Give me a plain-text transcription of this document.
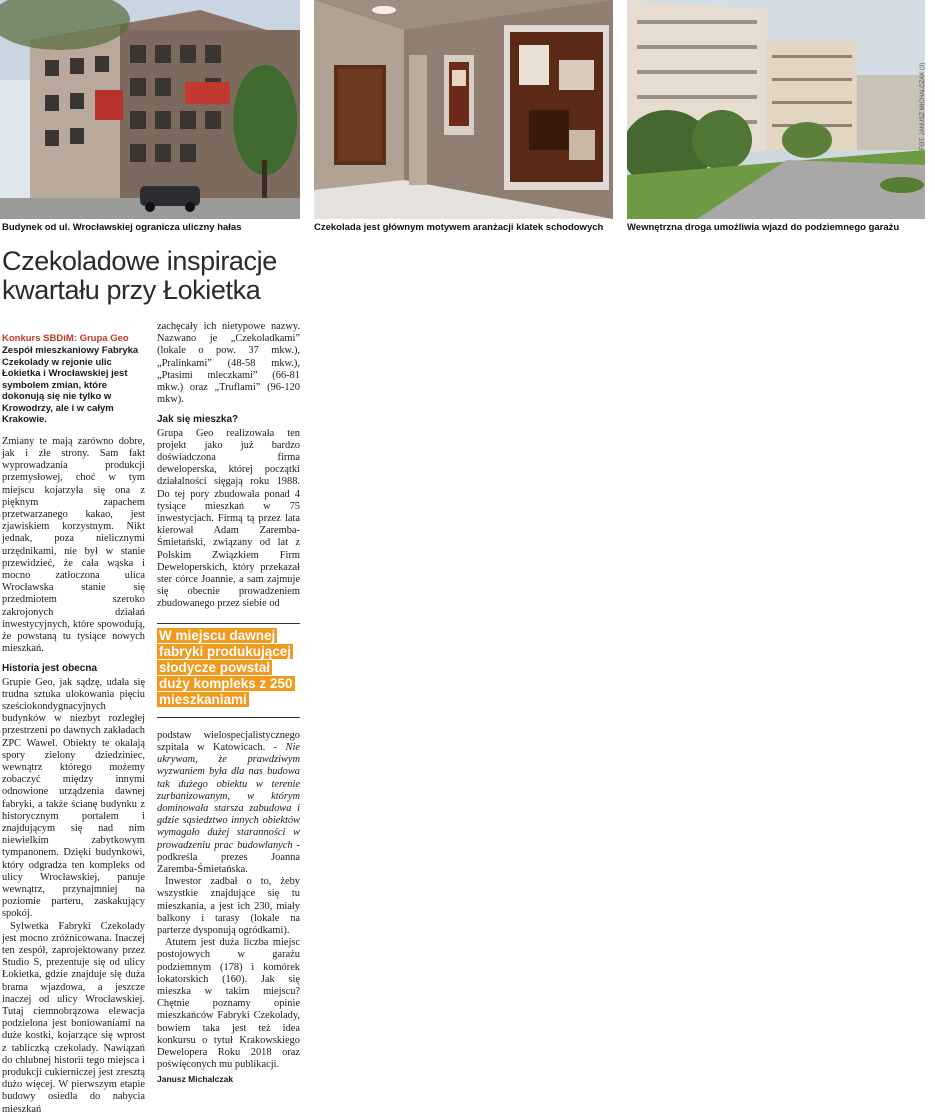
FOT. JANUSZ MICHALCZAK (3)
Budynek od ul. Wrocławskiej ogranicza uliczny hałas	Czekolada jest głównym motywem aranżacji klatek schodowych Wewnętrzna droga umożliwia wjazd do podziemnego garażu
Czekoladowe inspiracje kwartału przy Łokietka
Konkurs SBDiM: Grupa Geo
Zespół mieszkaniowy Fabryka Czekolady w rejonie ulic Łokietka i Wrocławskiej jest symbolem zmian, które dokonują się nie tylko w Krowodrzy, ale i w całym Krakowie.

Zmiany te mają zarówno dobre, jak i złe strony. Sam fakt wyprowadzania produkcji przemysłowej, choć w tym miejscu kojarzyła się ona z pięknym zapachem przetwarzanego kakao, jest zjawiskiem korzystnym. Nikt jednak, poza nielicznymi urzędnikami, nie był w stanie przewidzieć, że cała wąska i mocno zatłoczona ulica Wrocławska stanie się przedmiotem szeroko zakrojonych działań inwestycyjnych, które spowodują, że powstaną tu tysiące nowych mieszkań.

Historia jest obecna

Grupie Geo, jak sądzę, udała się trudna sztuka ulokowania pięciu sześciokondygnacyjnych budynków w niezbyt rozległej przestrzeni po dawnych zakładach ZPC Wawel. Obiekty te okalają spory zielony dziedziniec, wewnątrz którego możemy zobaczyć między innymi odnowione urządzenia dawnej fabryki, a także ścianę budynku z historycznym portalem i znajdującym się nad nim niewielkim zabytkowym tympanonem. Dzięki budynkowi, który odgradza ten kompleks od ulicy Wrocławskiej, panuje wewnątrz, przynajmniej na poziomie parteru, zaskakujący spokój.

Sylwetka Fabryki Czekolady jest mocno zróżnicowana. Inaczej ten zespół, zaprojektowany przez Studio S, prezentuje się od ulicy Łokietka, gdzie znajduje się duża brama wjazdowa, a jeszcze inaczej od ulicy Wrocławskiej. Tutaj ciemnobrązowa elewacja podzielona jest boniowaniami na duże kostki, kojarzące się wprost z tabliczką czekolady. Nawiązań do chlubnej historii tego miejsca i produkcji cukierniczej jest zresztą dużo więcej. W pierwszym etapie budowy osiedla do nabycia mieszkań

zachęcały ich nietypowe nazwy. Nazwano je „Czekoladkami” (lokale o pow. 37 mkw.), „Pralinkami” (48-58 mkw.), „Ptasimi mleczkami” (66-81 mkw.) oraz „Truflami” (96-120 mkw).

Jak się mieszka?

Grupa Geo realizowała ten projekt jako już bardzo doświadczona firma deweloperska, której początki działalności sięgają roku 1988. Do tej pory zbudowała ponad 4 tysiące mieszkań w 75 inwestycjach. Firmą tą przez lata kierował Adam Zaremba-Śmietański, związany od lat z Polskim Związkiem Firm Deweloperskich, który przekazał ster córce Joannie, a sam zajmuje się obecnie prowadzeniem zbudowanego przez siebie od

W miejscu dawnej fabryki produkującej słodycze powstał duży kompleks z 250 mieszkaniami

podstaw wielospecjalistycznego szpitala w Katowicach. - Nie ukrywam, że prawdziwym wyzwaniem była dla nas budowa tak dużego obiektu w terenie zurbanizowanym, w którym dominowała starsza zabudowa i gdzie sąsiedztwo innych obiektów wymagało dużej staranności w prowadzeniu prac budowlanych - podkreśla prezes Joanna Zaremba-Śmietańska.

Inwestor zadbał o to, żeby wszystkie znajdujące się tu mieszkania, a jest ich 230, miały balkony i tarasy (lokale na parterze dysponują ogródkami).

Atutem jest duża liczba miejsc postojowych w garażu podziemnym (178) i komórek lokatorskich (160). Jak się mieszka w takim miejscu? Chętnie poznamy opinie mieszkańców Fabryki Czekolady, bowiem taka jest też idea konkursu o tytuł Krakowskiego Dewelopera Roku 2018 oraz poświęconych mu publikacji.

Janusz Michalczak
